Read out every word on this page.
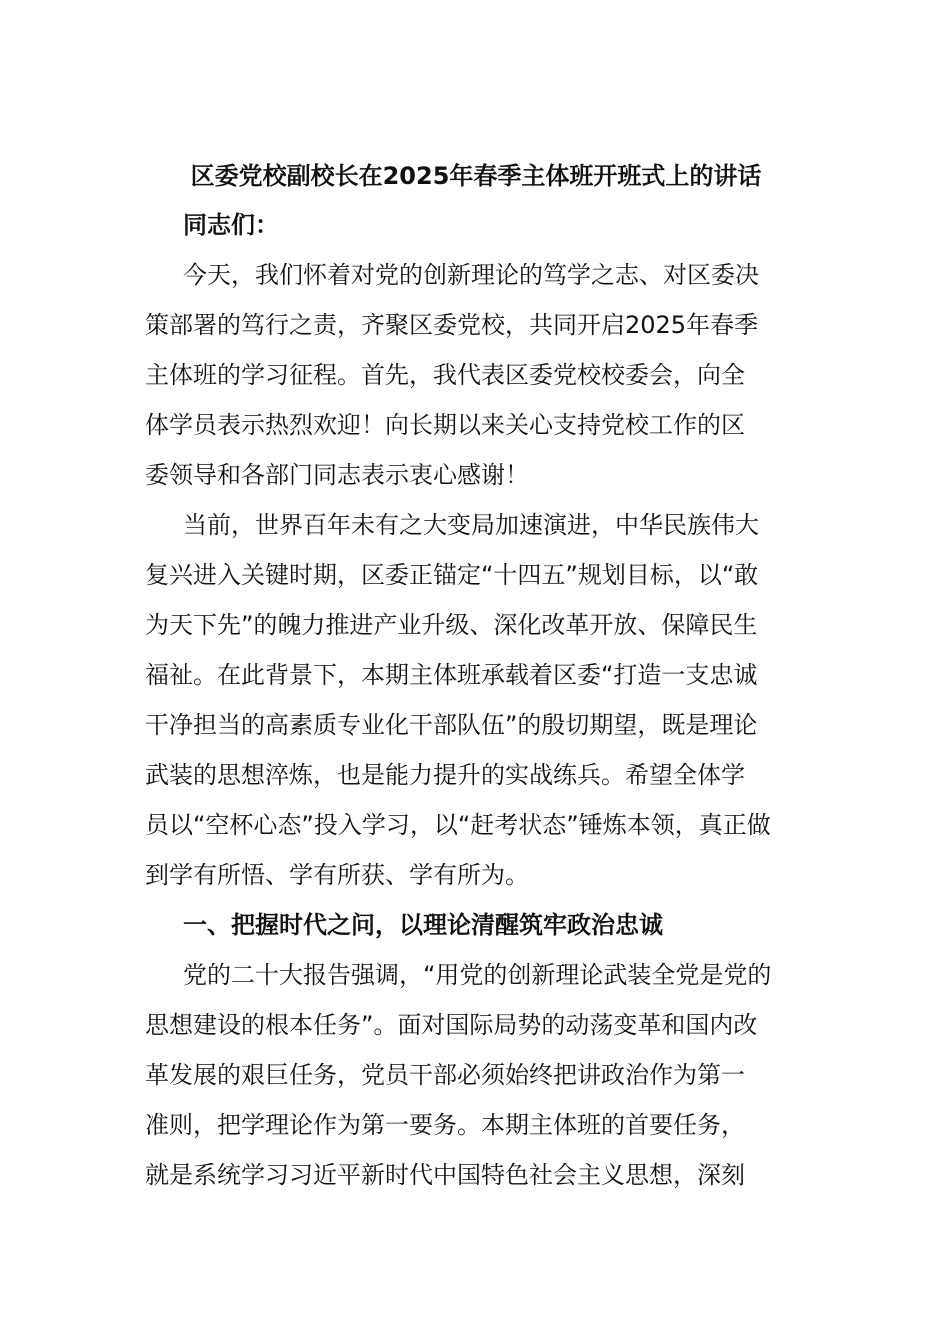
区委党校副校长在2025年春季主体班开班式上的讲话

同志们：

今天，我们怀着对党的创新理论的笃学之志、对区委决
策部署的笃行之责，齐聚区委党校，共同开启2025年春季
主体班的学习征程。首先，我代表区委党校校委会，向全
体学员表示热烈欢迎！向长期以来关心支持党校工作的区
委领导和各部门同志表示衷心感谢！

当前，世界百年未有之大变局加速演进，中华民族伟大
复兴进入关键时期，区委正锚定“十四五”规划目标，以“敢
为天下先”的魄力推进产业升级、深化改革开放、保障民生
福祉。在此背景下，本期主体班承载着区委“打造一支忠诚
干净担当的高素质专业化干部队伍”的殷切期望，既是理论
武装的思想淬炼，也是能力提升的实战练兵。希望全体学
员以“空杯心态”投入学习，以“赶考状态”锤炼本领，真正做
到学有所悟、学有所获、学有所为。

一、把握时代之问，以理论清醒筑牢政治忠诚

党的二十大报告强调，“用党的创新理论武装全党是党的
思想建设的根本任务”。面对国际局势的动荡变革和国内改
革发展的艰巨任务，党员干部必须始终把讲政治作为第一
准则，把学理论作为第一要务。本期主体班的首要任务，
就是系统学习习近平新时代中国特色社会主义思想，深刻
